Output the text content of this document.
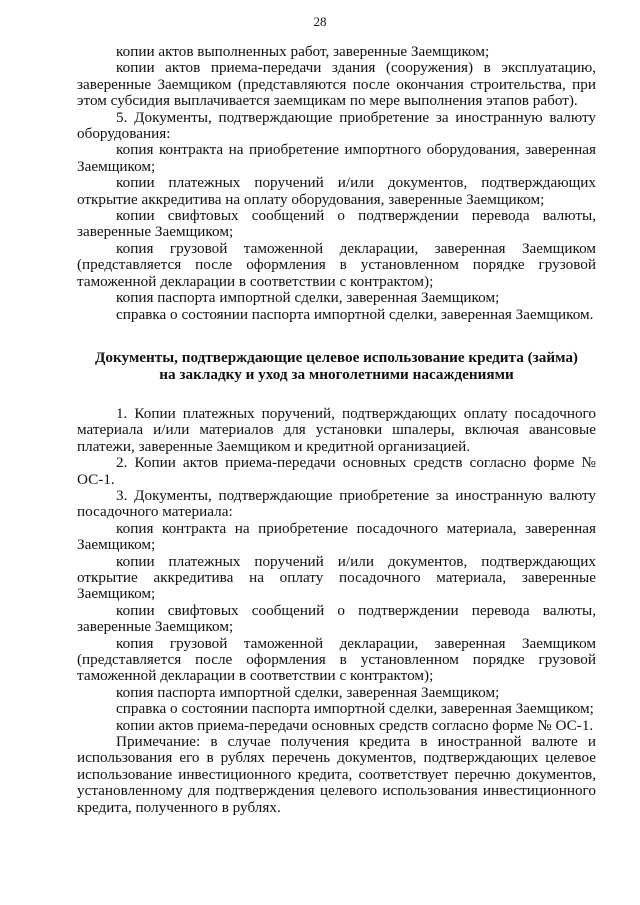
28

копии актов выполненных работ, заверенные Заемщиком;

копии актов приема-передачи здания (сооружения) в эксплуатацию, заверенные Заемщиком (представляются после окончания строительства, при этом субсидия выплачивается заемщикам по мере выполнения этапов работ).

5. Документы, подтверждающие приобретение за иностранную валюту оборудования:

копия контракта на приобретение импортного оборудования, заверенная Заемщиком;

копии платежных поручений и/или документов, подтверждающих открытие аккредитива на оплату оборудования, заверенные Заемщиком;

копии свифтовых сообщений о подтверждении перевода валюты, заверенные Заемщиком;

копия грузовой таможенной декларации, заверенная Заемщиком (представляется после оформления в установленном порядке грузовой таможенной декларации в соответствии с контрактом);

копия паспорта импортной сделки, заверенная Заемщиком;

справка о состоянии паспорта импортной сделки, заверенная Заемщиком.

Документы, подтверждающие целевое использование кредита (займа) на закладку и уход за многолетними насаждениями

1. Копии платежных поручений, подтверждающих оплату посадочного материала и/или материалов для установки шпалеры, включая авансовые платежи, заверенные Заемщиком и кредитной организацией.

2. Копии актов приема-передачи основных средств согласно форме № ОС-1.

3. Документы, подтверждающие приобретение за иностранную валюту посадочного материала:

копия контракта на приобретение посадочного материала, заверенная Заемщиком;

копии платежных поручений и/или документов, подтверждающих открытие аккредитива на оплату посадочного материала, заверенные Заемщиком;

копии свифтовых сообщений о подтверждении перевода валюты, заверенные Заемщиком;

копия грузовой таможенной декларации, заверенная Заемщиком (представляется после оформления в установленном порядке грузовой таможенной декларации в соответствии с контрактом);

копия паспорта импортной сделки, заверенная Заемщиком;

справка о состоянии паспорта импортной сделки, заверенная Заемщиком;

копии актов приема-передачи основных средств согласно форме № ОС-1.

Примечание: в случае получения кредита в иностранной валюте и использования его в рублях перечень документов, подтверждающих целевое использование инвестиционного кредита, соответствует перечню документов, установленному для подтверждения целевого использования инвестиционного кредита, полученного в рублях.
